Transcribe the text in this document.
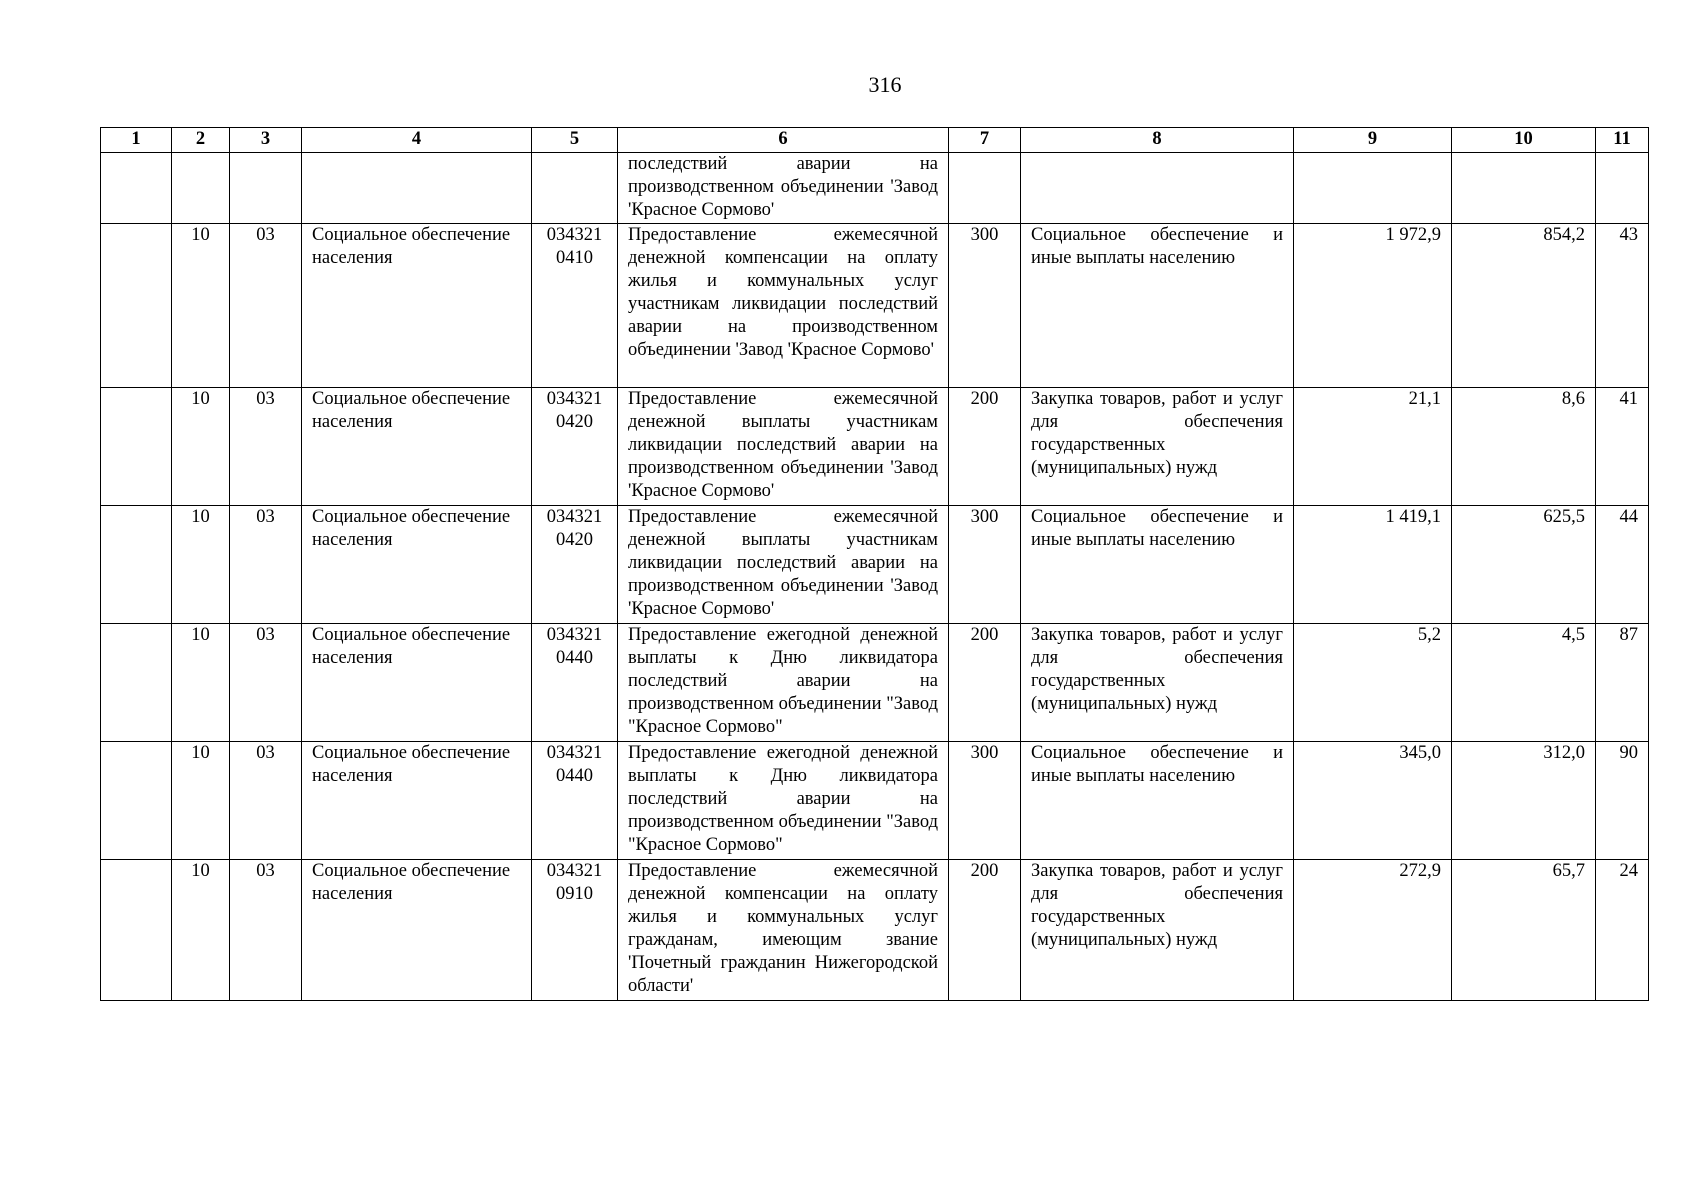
316
1	2	3	4	5	6	7	8	9	10	11
					последствий аварии на производственном объединении 'Завод 'Красное Сормово'					
	10	03	Социальное обеспечение населения	034321 0410	Предоставление ежемесячной денежной компенсации на оплату жилья и коммунальных услуг участникам ликвидации последствий аварии на производственном объединении 'Завод 'Красное Сормово'	300	Социальное обеспечение и иные выплаты населению	1 972,9	854,2	43
	10	03	Социальное обеспечение населения	034321 0420	Предоставление ежемесячной денежной выплаты участникам ликвидации последствий аварии на производственном объединении 'Завод 'Красное Сормово'	200	Закупка товаров, работ и услуг для обеспечения государственных (муниципальных) нужд	21,1	8,6	41
	10	03	Социальное обеспечение населения	034321 0420	Предоставление ежемесячной денежной выплаты участникам ликвидации последствий аварии на производственном объединении 'Завод 'Красное Сормово'	300	Социальное обеспечение и иные выплаты населению	1 419,1	625,5	44
	10	03	Социальное обеспечение населения	034321 0440	Предоставление ежегодной денежной выплаты к Дню ликвидатора последствий аварии на производственном объединении "Завод "Красное Сормово"	200	Закупка товаров, работ и услуг для обеспечения государственных (муниципальных) нужд	5,2	4,5	87
	10	03	Социальное обеспечение населения	034321 0440	Предоставление ежегодной денежной выплаты к Дню ликвидатора последствий аварии на производственном объединении "Завод "Красное Сормово"	300	Социальное обеспечение и иные выплаты населению	345,0	312,0	90
	10	03	Социальное обеспечение населения	034321 0910	Предоставление ежемесячной денежной компенсации на оплату жилья и коммунальных услуг гражданам, имеющим звание 'Почетный гражданин Нижегородской области'	200	Закупка товаров, работ и услуг для обеспечения государственных (муниципальных) нужд	272,9	65,7	24
